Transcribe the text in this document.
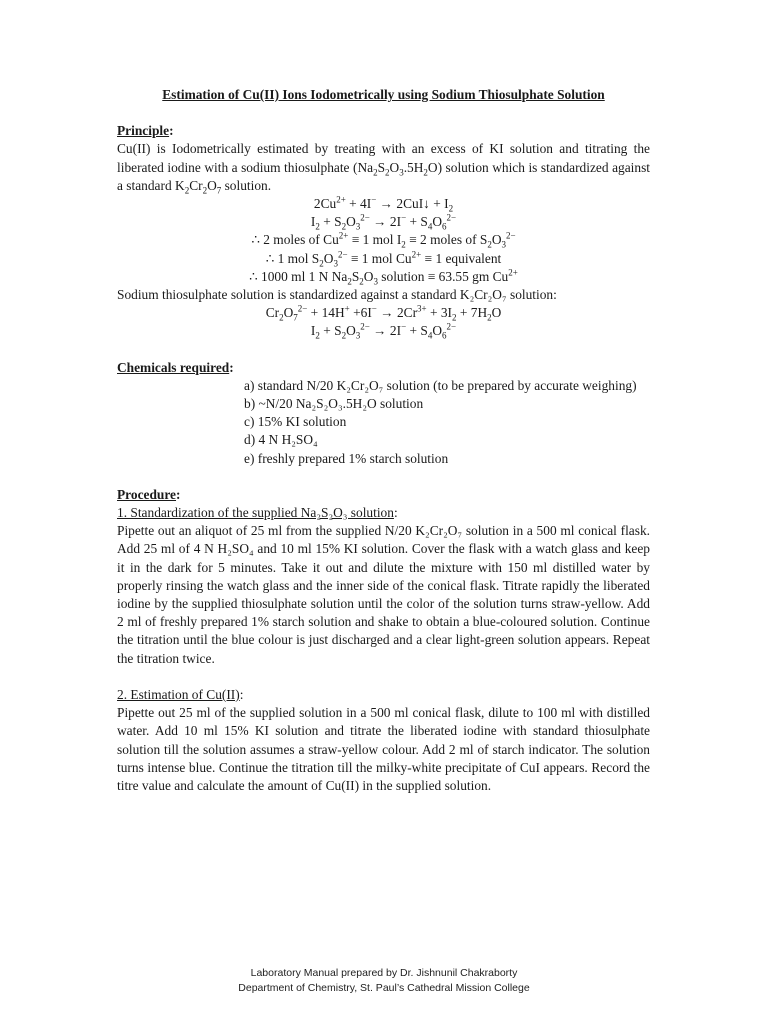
Estimation of Cu(II) Ions Iodometrically using Sodium Thiosulphate Solution

Principle:

Cu(II) is Iodometrically estimated by treating with an excess of KI solution and titrating the liberated iodine with a sodium thiosulphate $(Na_2S_2O_3.5H_2O)$ solution which is standardized against a standard $K_2Cr_2O_7$ solution.

$2Cu^{2+} + 4I^-$ → 2CuI↓ + $I_2$

$I_2 + S_2O_3^{2-} \to 2I^- + S_4O_6^{2-}$

∴ 2 moles of $Cu^{2+} \equiv 1$ mol $I_2 \equiv 2$ moles of $S_2O_3^{2-}$

∴ 1 mol $S_2O_3^{2-} \equiv 1$ mol $Cu^{2+} \equiv 1$ equivalent

∴ 1000 ml 1 N $Na_2S_2O_3$ solution ≡ 63.55 gm $Cu^{2+}$

Sodium thiosulphate solution is standardized against a standard K₂Cr₂O₇ solution:

$Cr_2O_7^{2-} + 14H^+ +6I^- \to 2Cr^{3+} + 3I_2 + 7H_2O$

$I_2 + S_2O_3^{2-} \to 2I^- + S_4O_6^{2-}$

Chemicals required:
a) standard N/20 K₂Cr₂O₇ solution (to be prepared by accurate weighing)
b) ~N/20 Na₂S₂O₃.5H₂O solution
c) 15% KI solution
d) 4 N H₂SO₄
e) freshly prepared 1% starch solution
Procedure:
1. Standardization of the supplied Na₂S₂O₃ solution:

Pipette out an aliquot of 25 ml from the supplied N/20 K₂Cr₂O₇ solution in a 500 ml conical flask. Add 25 ml of 4 N H₂SO₄ and 10 ml 15% KI solution. Cover the flask with a watch glass and keep it in the dark for 5 minutes. Take it out and dilute the mixture with 150 ml distilled water by properly rinsing the watch glass and the inner side of the conical flask. Titrate rapidly the liberated iodine by the supplied thiosulphate solution until the color of the solution turns straw-yellow. Add 2 ml of freshly prepared 1% starch solution and shake to obtain a blue-coloured solution. Continue the titration until the blue colour is just discharged and a clear light-green solution appears. Repeat the titration twice.

2. Estimation of Cu(II):

Pipette out 25 ml of the supplied solution in a 500 ml conical flask, dilute to 100 ml with distilled water. Add 10 ml 15% KI solution and titrate the liberated iodine with standard thiosulphate solution till the solution assumes a straw-yellow colour. Add 2 ml of starch indicator. The solution turns intense blue. Continue the titration till the milky-white precipitate of CuI appears. Record the titre value and calculate the amount of Cu(II) in the supplied solution.

Laboratory Manual prepared by Dr. Jishnunil Chakraborty
Department of Chemistry, St. Paul’s Cathedral Mission College
